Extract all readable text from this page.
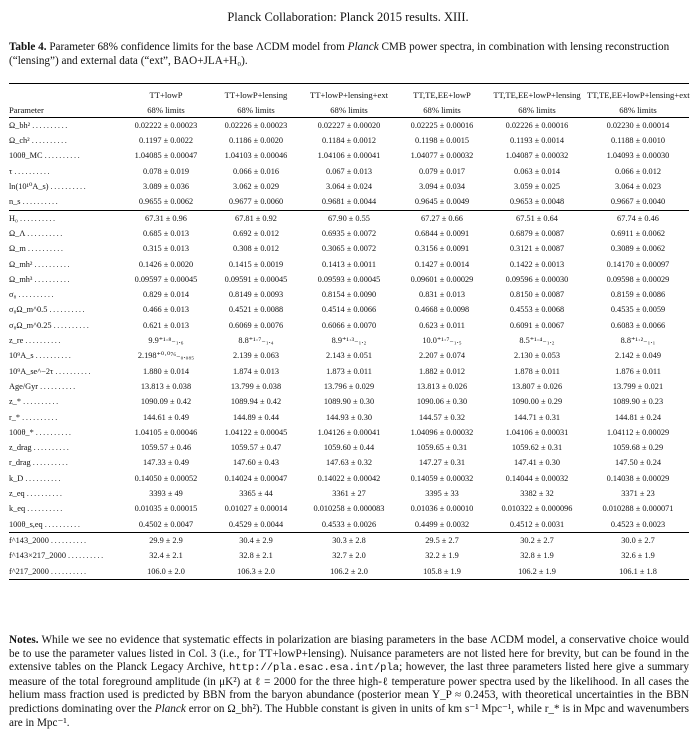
Planck Collaboration: Planck 2015 results. XIII.
Table 4. Parameter 68% confidence limits for the base ΛCDM model from Planck CMB power spectra, in combination with lensing reconstruction (“lensing”) and external data (“ext”, BAO+JLA+H₀).

	TT+lowP	TT+lowP+lensing	TT+lowP+lensing+ext	TT,TE,EE+lowP	TT,TE,EE+lowP+lensing	TT,TE,EE+lowP+lensing+ext
Parameter	68% limits	68% limits	68% limits	68% limits	68% limits	68% limits
Ω_bh² ..........	0.02222 ± 0.00023	0.02226 ± 0.00023	0.02227 ± 0.00020	0.02225 ± 0.00016	0.02226 ± 0.00016	0.02230 ± 0.00014
Ω_ch² ..........	0.1197 ± 0.0022	0.1186 ± 0.0020	0.1184 ± 0.0012	0.1198 ± 0.0015	0.1193 ± 0.0014	0.1188 ± 0.0010
100θ_MC ..........	1.04085 ± 0.00047	1.04103 ± 0.00046	1.04106 ± 0.00041	1.04077 ± 0.00032	1.04087 ± 0.00032	1.04093 ± 0.00030
τ ..........	0.078 ± 0.019	0.066 ± 0.016	0.067 ± 0.013	0.079 ± 0.017	0.063 ± 0.014	0.066 ± 0.012
ln(10¹⁰A_s) ..........	3.089 ± 0.036	3.062 ± 0.029	3.064 ± 0.024	3.094 ± 0.034	3.059 ± 0.025	3.064 ± 0.023
n_s ..........	0.9655 ± 0.0062	0.9677 ± 0.0060	0.9681 ± 0.0044	0.9645 ± 0.0049	0.9653 ± 0.0048	0.9667 ± 0.0040
H₀ ..........	67.31 ± 0.96	67.81 ± 0.92	67.90 ± 0.55	67.27 ± 0.66	67.51 ± 0.64	67.74 ± 0.46
Ω_Λ ..........	0.685 ± 0.013	0.692 ± 0.012	0.6935 ± 0.0072	0.6844 ± 0.0091	0.6879 ± 0.0087	0.6911 ± 0.0062
Ω_m ..........	0.315 ± 0.013	0.308 ± 0.012	0.3065 ± 0.0072	0.3156 ± 0.0091	0.3121 ± 0.0087	0.3089 ± 0.0062
Ω_mh² ..........	0.1426 ± 0.0020	0.1415 ± 0.0019	0.1413 ± 0.0011	0.1427 ± 0.0014	0.1422 ± 0.0013	0.14170 ± 0.00097
Ω_mh³ ..........	0.09597 ± 0.00045	0.09591 ± 0.00045	0.09593 ± 0.00045	0.09601 ± 0.00029	0.09596 ± 0.00030	0.09598 ± 0.00029
σ₈ ..........	0.829 ± 0.014	0.8149 ± 0.0093	0.8154 ± 0.0090	0.831 ± 0.013	0.8150 ± 0.0087	0.8159 ± 0.0086
σ₈Ω_m^0.5 ..........	0.466 ± 0.013	0.4521 ± 0.0088	0.4514 ± 0.0066	0.4668 ± 0.0098	0.4553 ± 0.0068	0.4535 ± 0.0059
σ₈Ω_m^0.25 ..........	0.621 ± 0.013	0.6069 ± 0.0076	0.6066 ± 0.0070	0.623 ± 0.011	0.6091 ± 0.0067	0.6083 ± 0.0066
z_re ..........	9.9⁺¹·⁸₋₁.₆	8.8⁺¹·⁷₋₁.₄	8.9⁺¹·³₋₁.₂	10.0⁺¹·⁷₋₁.₅	8.5⁺¹·⁴₋₁.₂	8.8⁺¹·²₋₁.₁
10⁹A_s ..........	2.198⁺⁰·⁰⁷⁶₋₀.₀₈₅	2.139 ± 0.063	2.143 ± 0.051	2.207 ± 0.074	2.130 ± 0.053	2.142 ± 0.049
10⁹A_se^−2τ ..........	1.880 ± 0.014	1.874 ± 0.013	1.873 ± 0.011	1.882 ± 0.012	1.878 ± 0.011	1.876 ± 0.011
Age/Gyr ..........	13.813 ± 0.038	13.799 ± 0.038	13.796 ± 0.029	13.813 ± 0.026	13.807 ± 0.026	13.799 ± 0.021
z_* ..........	1090.09 ± 0.42	1089.94 ± 0.42	1089.90 ± 0.30	1090.06 ± 0.30	1090.00 ± 0.29	1089.90 ± 0.23
r_* ..........	144.61 ± 0.49	144.89 ± 0.44	144.93 ± 0.30	144.57 ± 0.32	144.71 ± 0.31	144.81 ± 0.24
100θ_* ..........	1.04105 ± 0.00046	1.04122 ± 0.00045	1.04126 ± 0.00041	1.04096 ± 0.00032	1.04106 ± 0.00031	1.04112 ± 0.00029
z_drag ..........	1059.57 ± 0.46	1059.57 ± 0.47	1059.60 ± 0.44	1059.65 ± 0.31	1059.62 ± 0.31	1059.68 ± 0.29
r_drag ..........	147.33 ± 0.49	147.60 ± 0.43	147.63 ± 0.32	147.27 ± 0.31	147.41 ± 0.30	147.50 ± 0.24
k_D ..........	0.14050 ± 0.00052	0.14024 ± 0.00047	0.14022 ± 0.00042	0.14059 ± 0.00032	0.14044 ± 0.00032	0.14038 ± 0.00029
z_eq ..........	3393 ± 49	3365 ± 44	3361 ± 27	3395 ± 33	3382 ± 32	3371 ± 23
k_eq ..........	0.01035 ± 0.00015	0.01027 ± 0.00014	0.010258 ± 0.000083	0.01036 ± 0.00010	0.010322 ± 0.000096	0.010288 ± 0.000071
100θ_s,eq ..........	0.4502 ± 0.0047	0.4529 ± 0.0044	0.4533 ± 0.0026	0.4499 ± 0.0032	0.4512 ± 0.0031	0.4523 ± 0.0023
f^143_2000 ..........	29.9 ± 2.9	30.4 ± 2.9	30.3 ± 2.8	29.5 ± 2.7	30.2 ± 2.7	30.0 ± 2.7
f^143×217_2000 ..........	32.4 ± 2.1	32.8 ± 2.1	32.7 ± 2.0	32.2 ± 1.9	32.8 ± 1.9	32.6 ± 1.9
f^217_2000 ..........	106.0 ± 2.0	106.3 ± 2.0	106.2 ± 2.0	105.8 ± 1.9	106.2 ± 1.9	106.1 ± 1.8
Notes. While we see no evidence that systematic effects in polarization are biasing parameters in the base ΛCDM model, a conservative choice would be to use the parameter values listed in Col. 3 (i.e., for TT+lowP+lensing). Nuisance parameters are not listed here for brevity, but can be found in the extensive tables on the Planck Legacy Archive, http://pla.esac.esa.int/pla; however, the last three parameters listed here give a summary measure of the total foreground amplitude (in μK²) at ℓ = 2000 for the three high-ℓ temperature power spectra used by the likelihood. In all cases the helium mass fraction used is predicted by BBN from the baryon abundance (posterior mean Y_P ≈ 0.2453, with theoretical uncertainties in the BBN predictions dominating over the Planck error on Ω_bh²). The Hubble constant is given in units of km s⁻¹ Mpc⁻¹, while r_* is in Mpc and wavenumbers are in Mpc⁻¹.
